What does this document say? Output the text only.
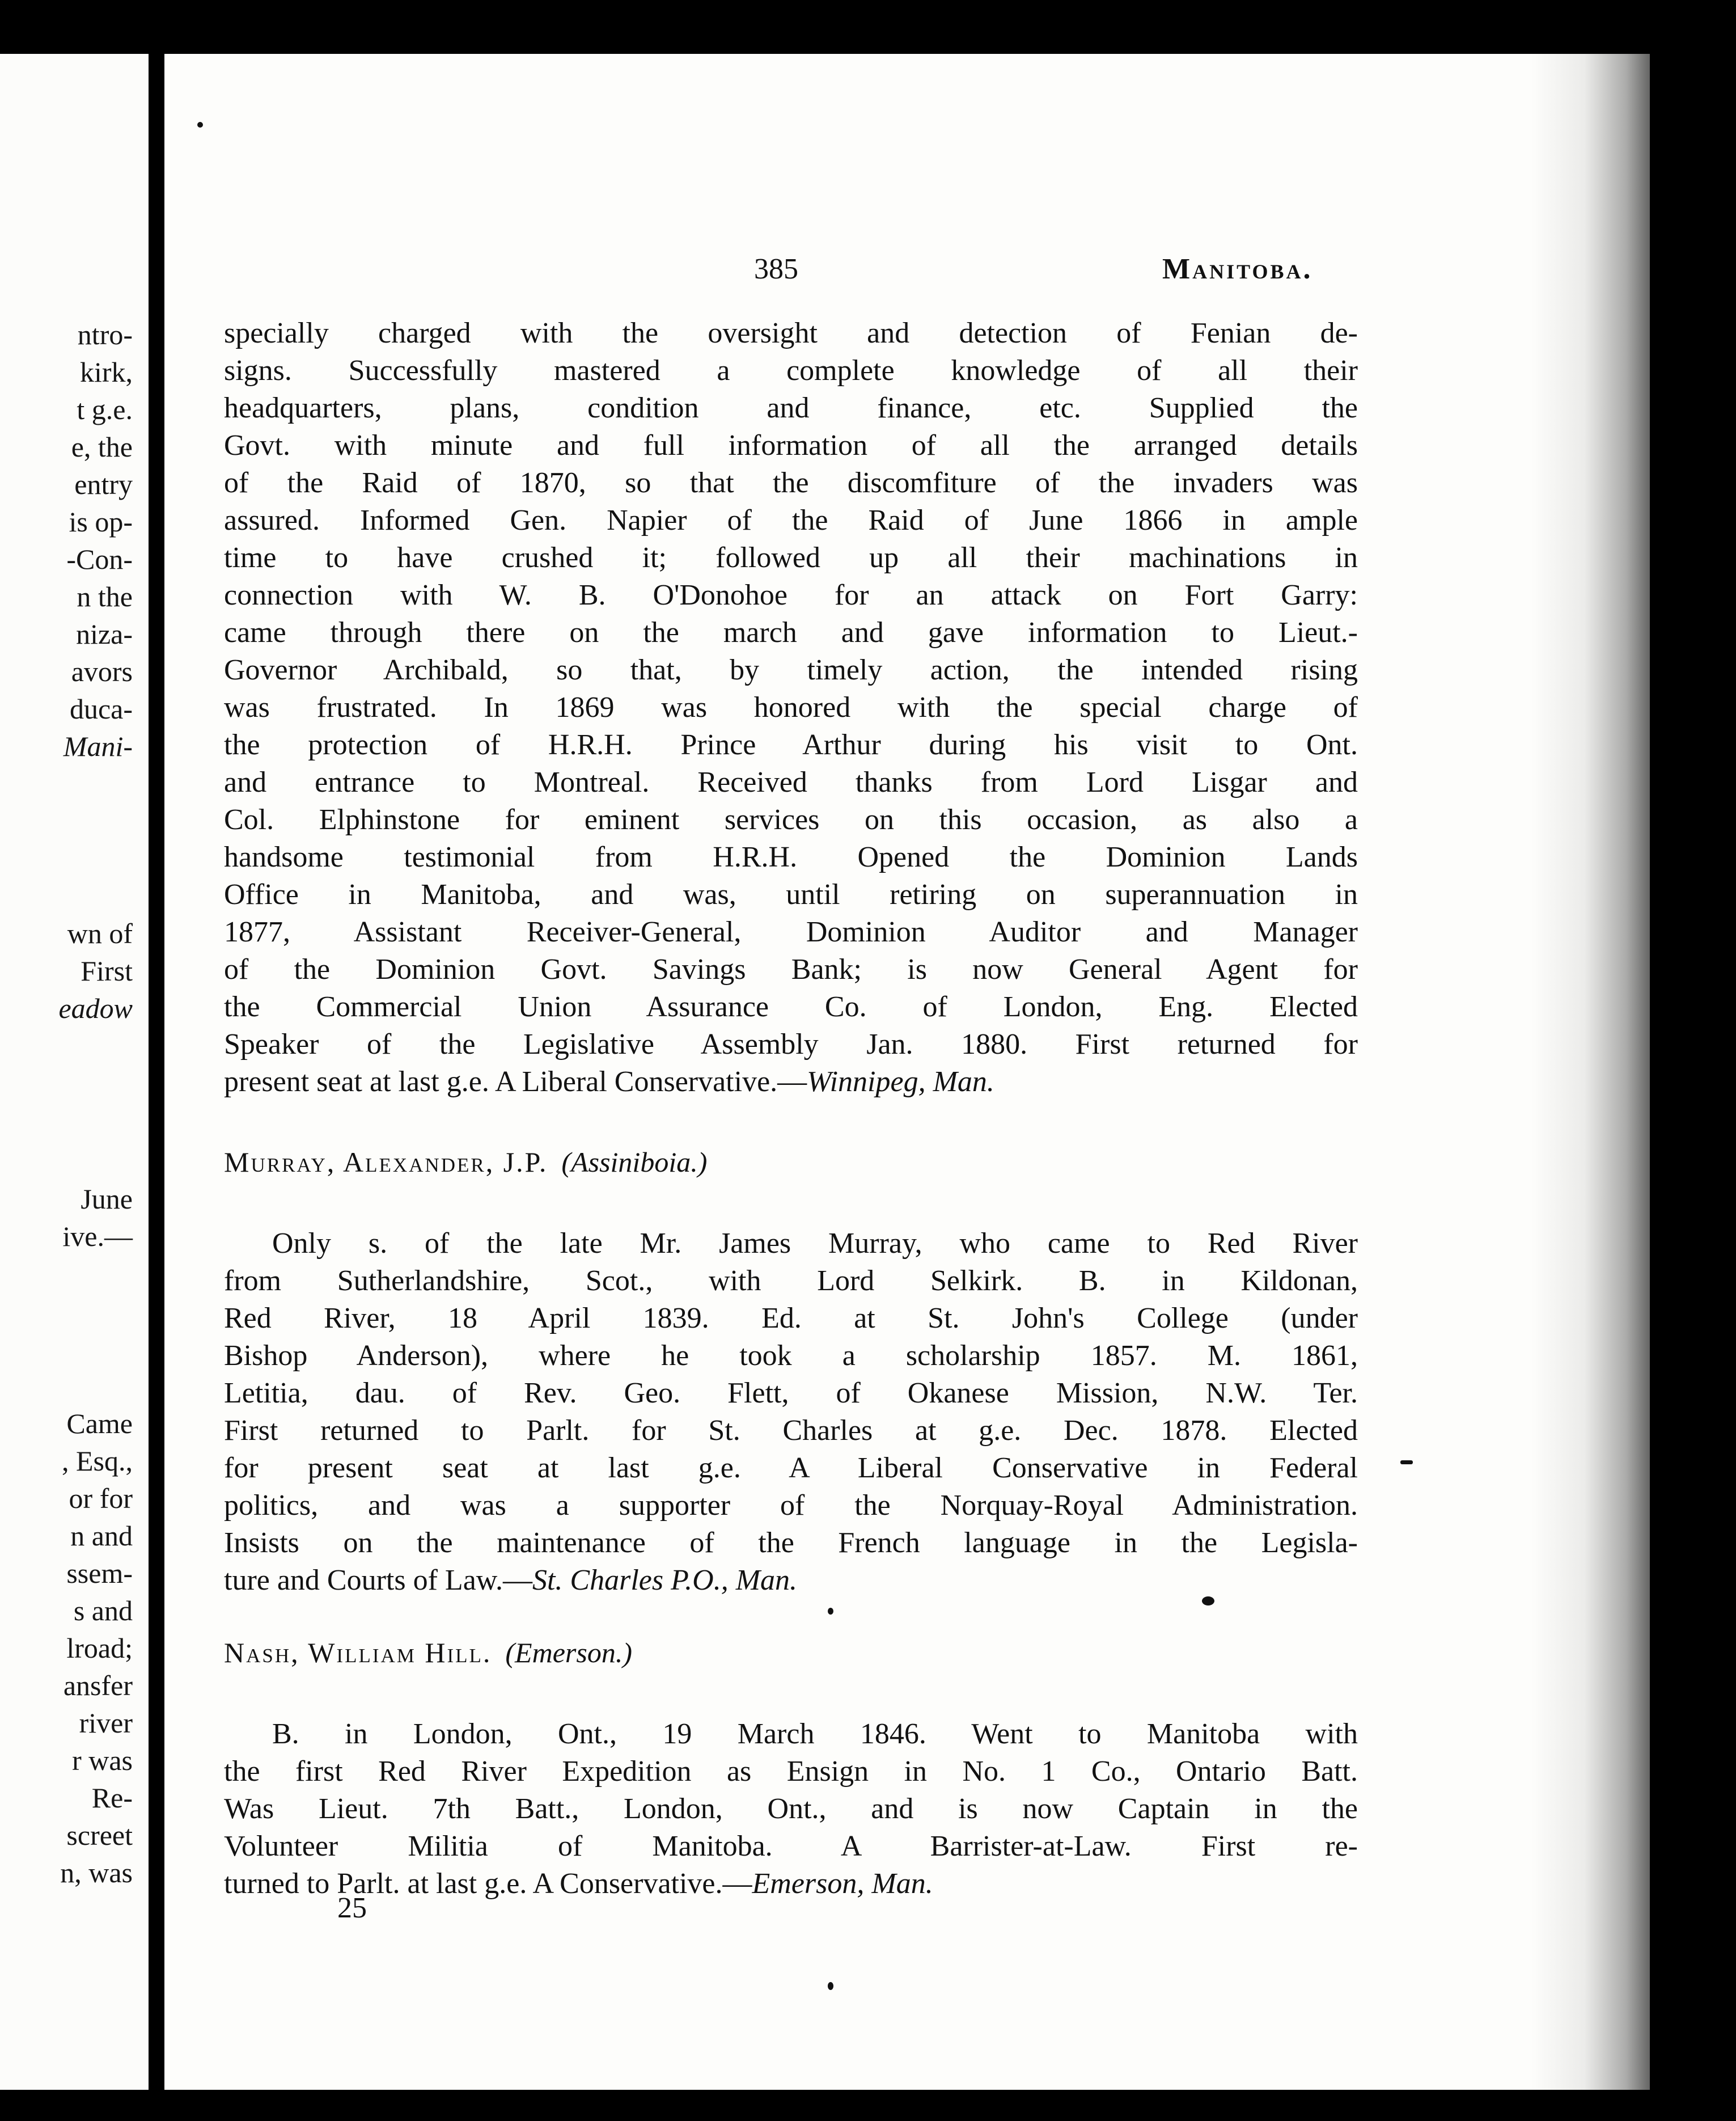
ntro-
kirk,
t g.e.
e, the
entry
is op-
-Con-
n the
niza-
avors
duca-
Mani-
wn of
First
eadow
June
ive.—
Came
, Esq.,
or for
n and
ssem-
s and
lroad;
ansfer
river
r was
Re-
screet
n, was
385	Manitoba.
specially charged with the oversight and detection of Fenian de-
signs. Successfully mastered a complete knowledge of all their
headquarters, plans, condition and finance, etc. Supplied the
Govt. with minute and full information of all the arranged details
of the Raid of 1870, so that the discomfiture of the invaders was
assured. Informed Gen. Napier of the Raid of June 1866 in ample
time to have crushed it; followed up all their machinations in
connection with W. B. O'Donohoe for an attack on Fort Garry:
came through there on the march and gave information to Lieut.-
Governor Archibald, so that, by timely action, the intended rising
was frustrated. In 1869 was honored with the special charge of
the protection of H.R.H. Prince Arthur during his visit to Ont.
and entrance to Montreal. Received thanks from Lord Lisgar and
Col. Elphinstone for eminent services on this occasion, as also a
handsome testimonial from H.R.H. Opened the Dominion Lands
Office in Manitoba, and was, until retiring on superannuation in
1877, Assistant Receiver-General, Dominion Auditor and Manager
of the Dominion Govt. Savings Bank; is now General Agent for
the Commercial Union Assurance Co. of London, Eng. Elected
Speaker of the Legislative Assembly Jan. 1880. First returned for
present seat at last g.e. A Liberal Conservative.—Winnipeg, Man.
Murray, Alexander, J.P. (Assiniboia.)
Only s. of the late Mr. James Murray, who came to Red River
from Sutherlandshire, Scot., with Lord Selkirk. B. in Kildonan,
Red River, 18 April 1839. Ed. at St. John's College (under
Bishop Anderson), where he took a scholarship 1857. M. 1861,
Letitia, dau. of Rev. Geo. Flett, of Okanese Mission, N.W. Ter.
First returned to Parlt. for St. Charles at g.e. Dec. 1878. Elected
for present seat at last g.e. A Liberal Conservative in Federal
politics, and was a supporter of the Norquay-Royal Administration.
Insists on the maintenance of the French language in the Legisla-
ture and Courts of Law.—St. Charles P.O., Man.
Nash, William Hill. (Emerson.)
B. in London, Ont., 19 March 1846. Went to Manitoba with
the first Red River Expedition as Ensign in No. 1 Co., Ontario Batt.
Was Lieut. 7th Batt., London, Ont., and is now Captain in the
Volunteer Militia of Manitoba. A Barrister-at-Law. First re-
turned to Parlt. at last g.e. A Conservative.—Emerson, Man.
25
